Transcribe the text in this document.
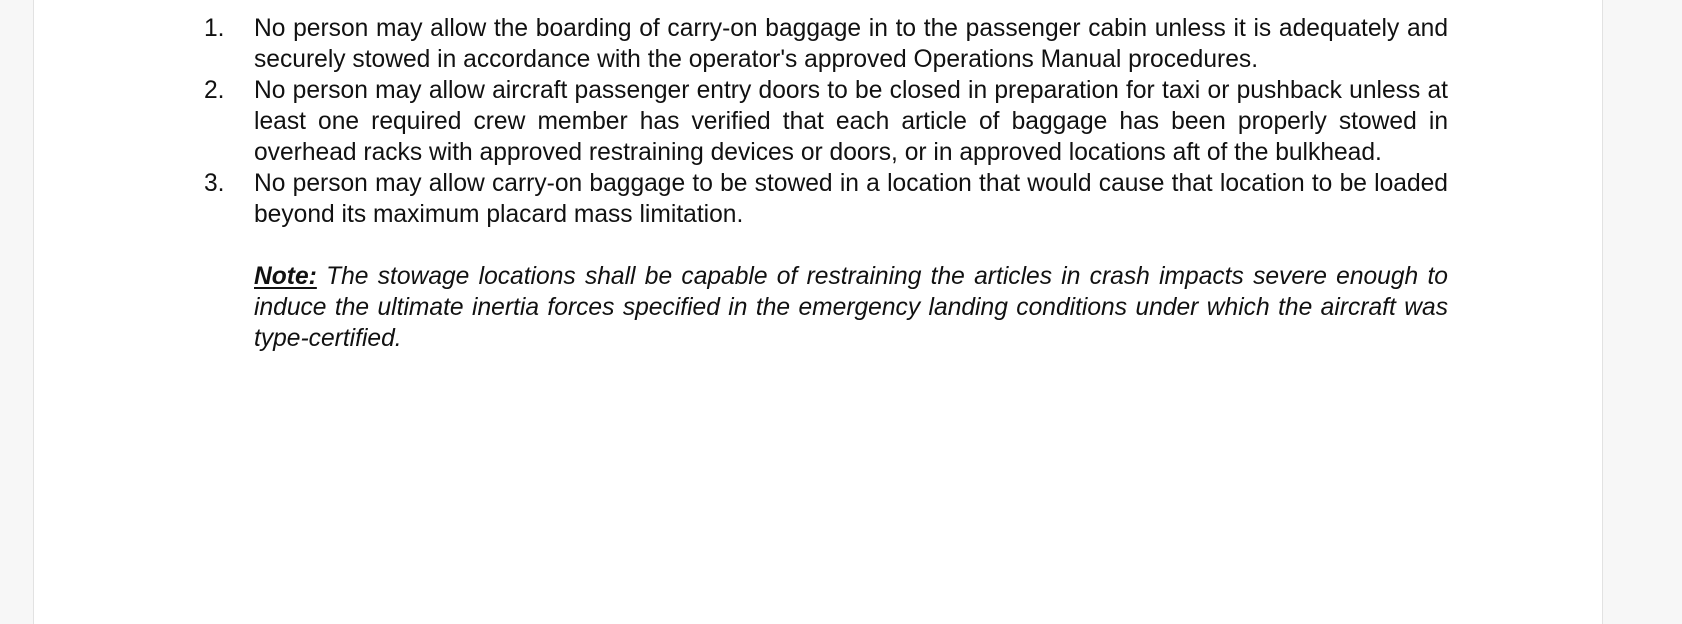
1.	No person may allow the boarding of carry-on baggage in to the passenger cabin unless it is adequately and securely stowed in accordance with the operator's approved Operations Manual procedures.
2.	No person may allow aircraft passenger entry doors to be closed in preparation for taxi or pushback unless at least one required crew member has verified that each article of baggage has been properly stowed in overhead racks with approved restraining devices or doors, or in approved locations aft of the bulkhead.
3.	No person may allow carry-on baggage to be stowed in a location that would cause that location to be loaded beyond its maximum placard mass limitation.
Note: The stowage locations shall be capable of restraining the articles in crash impacts severe enough to induce the ultimate inertia forces specified in the emergency landing conditions under which the aircraft was type-certified.
